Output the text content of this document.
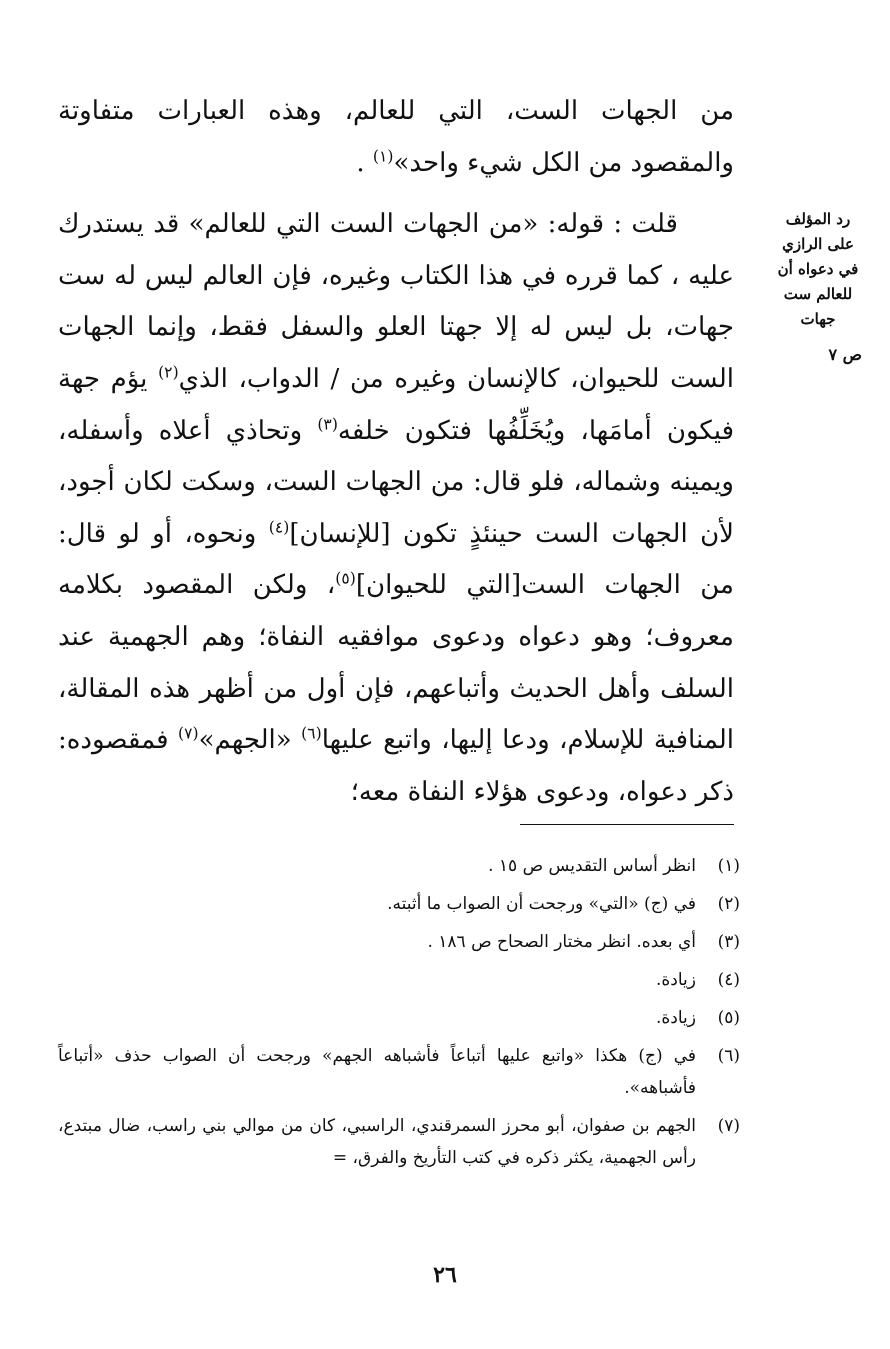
من الجهات الست، التي للعالم، وهذه العبارات متفاوتة والمقصود من الكل شيء واحد»$^{(١)}$ .

قلت : قوله: «من الجهات الست التي للعالم» قد يستدرك عليه ، كما قرره في هذا الكتاب وغيره، فإن العالم ليس له ست جهات، بل ليس له إلا جهتا العلو والسفل فقط، وإنما الجهات الست للحيوان، كالإنسان وغيره من / الدواب، الذي$^{(٢)}$ يؤم جهة فيكون أمامَها، ويُخَلِّفُها فتكون خلفه$^{(٣)}$ وتحاذي أعلاه وأسفله، ويمينه وشماله، فلو قال: من الجهات الست، وسكت لكان أجود، لأن الجهات الست حينئذٍ تكون [للإنسان]$^{(٤)}$ ونحوه، أو لو قال: من الجهات الست[التي للحيوان]$^{(٥)}$، ولكن المقصود بكلامه معروف؛ وهو دعواه ودعوى موافقيه النفاة؛ وهم الجهمية عند السلف وأهل الحديث وأتباعهم، فإن أول من أظهر هذه المقالة، المنافية للإسلام، ودعا إليها، واتبع عليها$^{(٦)}$ «الجهم»$^{(٧)}$ فمقصوده: ذكر دعواه، ودعوى هؤلاء النفاة معه؛

رد المؤلف
على الرازي
في دعواه أن
للعالم ست
جهات
ص ٧
(١)
انظر أساس التقديس ص ١٥ .
(٢)
في (ج) «التي» ورجحت أن الصواب ما أثبته.
(٣)
أي بعده. انظر مختار الصحاح ص ١٨٦ .
(٤)
زيادة.
(٥)
زيادة.
(٦)
في (ج) هكذا «واتبع عليها أتباعاً فأشباهه الجهم» ورجحت أن الصواب حذف «أتباعاً فأشباهه».
(٧)
الجهم بن صفوان، أبو محرز السمرقندي، الراسبي، كان من موالي بني راسب، ضال مبتدع، رأس الجهمية، يكثر ذكره في كتب التأريخ والفرق، =
٢٦
